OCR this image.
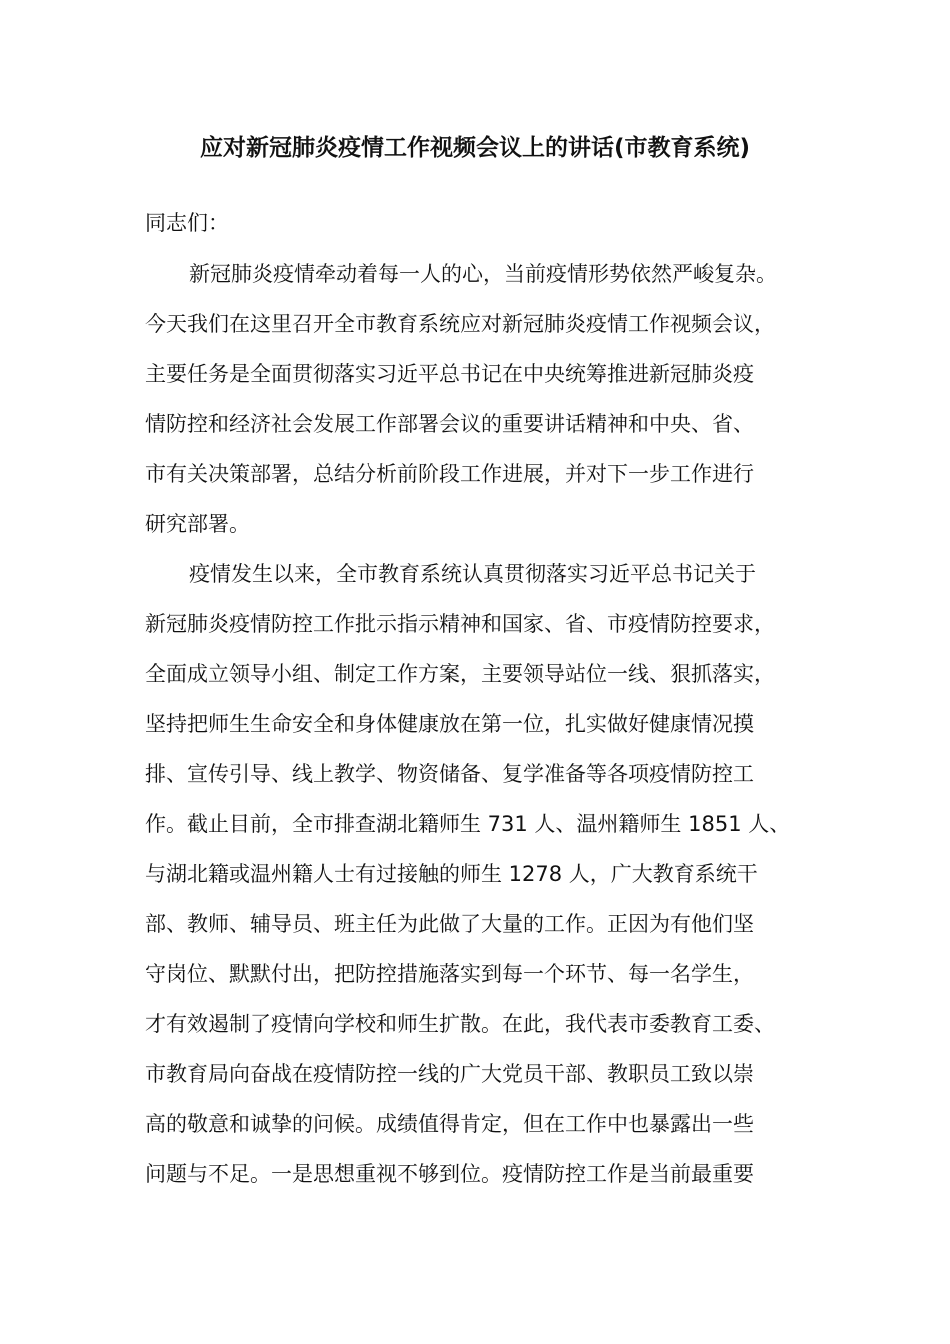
应对新冠肺炎疫情工作视频会议上的讲话(市教育系统)
同志们：
新冠肺炎疫情牵动着每一人的心，当前疫情形势依然严峻复杂。
今天我们在这里召开全市教育系统应对新冠肺炎疫情工作视频会议，
主要任务是全面贯彻落实习近平总书记在中央统筹推进新冠肺炎疫
情防控和经济社会发展工作部署会议的重要讲话精神和中央、省、
市有关决策部署，总结分析前阶段工作进展，并对下一步工作进行
研究部署。
疫情发生以来，全市教育系统认真贯彻落实习近平总书记关于
新冠肺炎疫情防控工作批示指示精神和国家、省、市疫情防控要求，
全面成立领导小组、制定工作方案，主要领导站位一线、狠抓落实，
坚持把师生生命安全和身体健康放在第一位，扎实做好健康情况摸
排、宣传引导、线上教学、物资储备、复学准备等各项疫情防控工
作。截止目前，全市排查湖北籍师生 731 人、温州籍师生 1851 人、
与湖北籍或温州籍人士有过接触的师生 1278 人，广大教育系统干
部、教师、辅导员、班主任为此做了大量的工作。正因为有他们坚
守岗位、默默付出，把防控措施落实到每一个环节、每一名学生，
才有效遏制了疫情向学校和师生扩散。在此，我代表市委教育工委、
市教育局向奋战在疫情防控一线的广大党员干部、教职员工致以崇
高的敬意和诚挚的问候。成绩值得肯定，但在工作中也暴露出一些
问题与不足。一是思想重视不够到位。疫情防控工作是当前最重要
